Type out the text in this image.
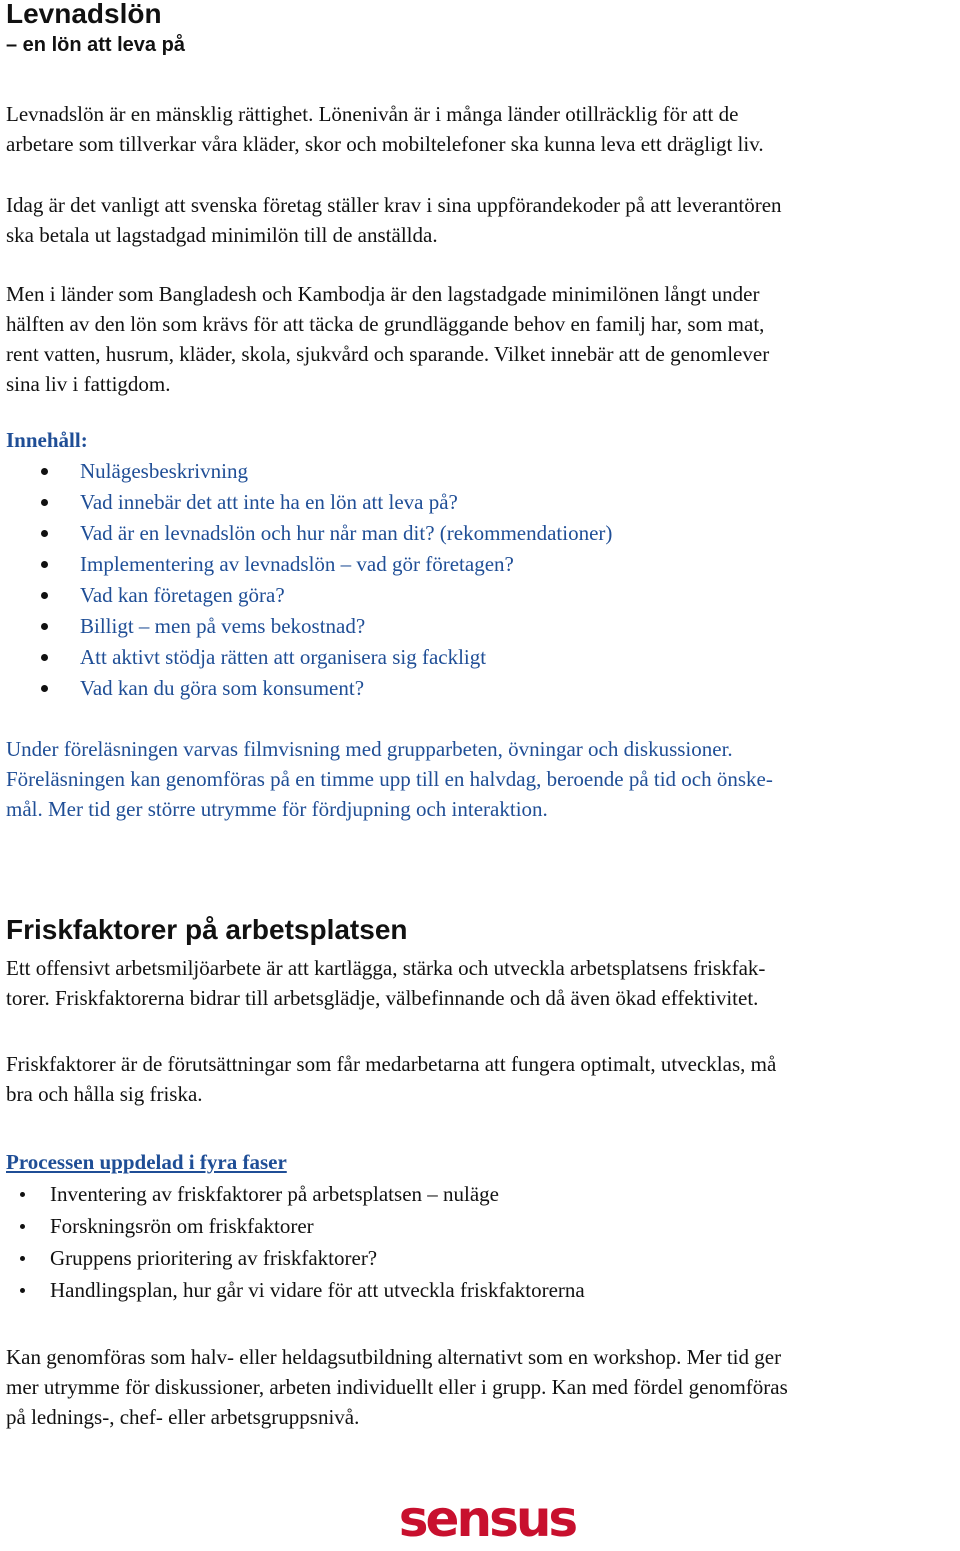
Levnadslön
– en lön att leva på

Levnadslön är en mänsklig rättighet. Lönenivån är i många länder otillräcklig för att de
arbetare som tillverkar våra kläder, skor och mobiltelefoner ska kunna leva ett drägligt liv.

Idag är det vanligt att svenska företag ställer krav i sina uppförandekoder på att leverantören
ska betala ut lagstadgad minimilön till de anställda.

Men i länder som Bangladesh och Kambodja är den lagstadgade minimilönen långt under
hälften av den lön som krävs för att täcka de grundläggande behov en familj har, som mat,
rent vatten, husrum, kläder, skola, sjukvård och sparande. Vilket innebär att de genomlever
sina liv i fattigdom.

Innehåll:
Nulägesbeskrivning
Vad innebär det att inte ha en lön att leva på?
Vad är en levnadslön och hur når man dit? (rekommendationer)
Implementering av levnadslön – vad gör företagen?
Vad kan företagen göra?
Billigt – men på vems bekostnad?
Att aktivt stödja rätten att organisera sig fackligt
Vad kan du göra som konsument?

Under föreläsningen varvas filmvisning med grupparbeten, övningar och diskussioner.
Föreläsningen kan genomföras på en timme upp till en halvdag, beroende på tid och önske-
mål. Mer tid ger större utrymme för fördjupning och interaktion.

Friskfaktorer på arbetsplatsen

Ett offensivt arbetsmiljöarbete är att kartlägga, stärka och utveckla arbetsplatsens friskfak-
torer. Friskfaktorerna bidrar till arbetsglädje, välbefinnande och då även ökad effektivitet.

Friskfaktorer är de förutsättningar som får medarbetarna att fungera optimalt, utvecklas, må
bra och hålla sig friska.

Processen uppdelad i fyra faser
Inventering av friskfaktorer på arbetsplatsen – nuläge
Forskningsrön om friskfaktorer
Gruppens prioritering av friskfaktorer?
Handlingsplan, hur går vi vidare för att utveckla friskfaktorerna

Kan genomföras som halv- eller heldagsutbildning alternativt som en workshop. Mer tid ger
mer utrymme för diskussioner, arbeten individuellt eller i grupp. Kan med fördel genomföras
på lednings-, chef- eller arbetsgruppsnivå.

sensus
